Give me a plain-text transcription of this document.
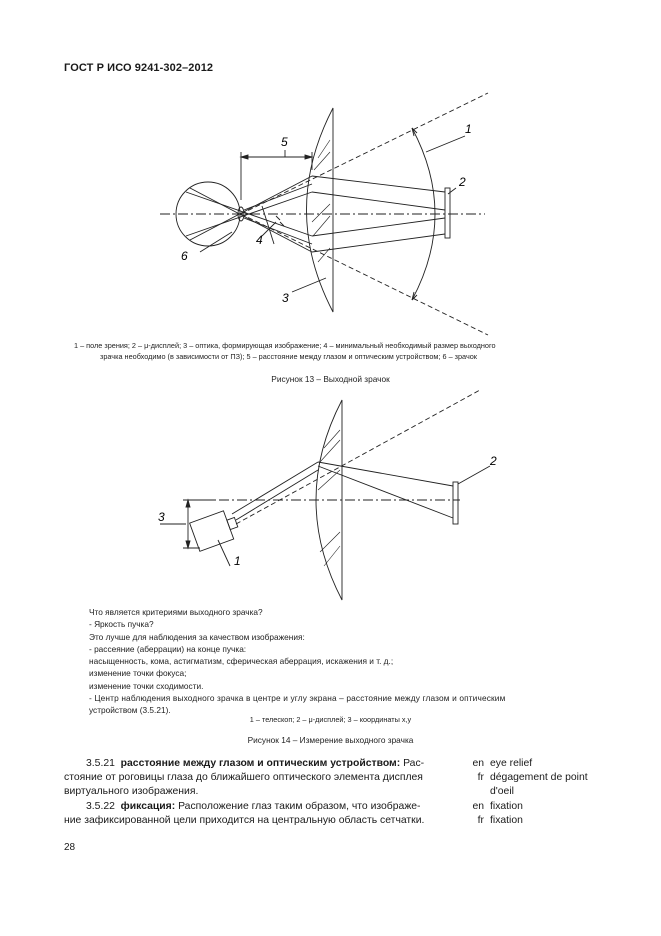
ГОСТ Р ИСО 9241-302–2012
1
2
3
4
5
6
1
2
3
1 – поле зрения; 2 – μ-дисплей; 3 – оптика, формирующая изображение; 4 – минимальный необходимый размер выходного
зрачка необходимо (в зависимости от ПЗ); 5 – расстояние между глазом и оптическим устройством; 6 – зрачок
Рисунок 13 – Выходной зрачок
Что является критериями выходного зрачка?
- Яркость пучка?
Это лучше для наблюдения за качеством изображения:
- рассеяние (аберрации) на конце пучка:
насыщенность, кома, астигматизм, сферическая аберрация, искажения и т. д.;
изменение точки фокуса;
изменение точки сходимости.
- Центр наблюдения выходного зрачка в центре и углу экрана – расстояние между глазом и оптическим
устройством (3.5.21).
1 – телескоп; 2 – μ-дисплей; 3 – координаты x,y
Рисунок 14 – Измерение выходного зрачка
3.5.21 расстояние между глазом и оптическим устройством: Рас-
стояние от роговицы глаза до ближайшего оптического элемента дисплея
виртуального изображения.
en eye relief
fr dégagement de point
d'oeil
3.5.22 фиксация: Расположение глаз таким образом, что изображе-
ние зафиксированной цели приходится на центральную область сетчатки.
en fixation
fr fixation
28
